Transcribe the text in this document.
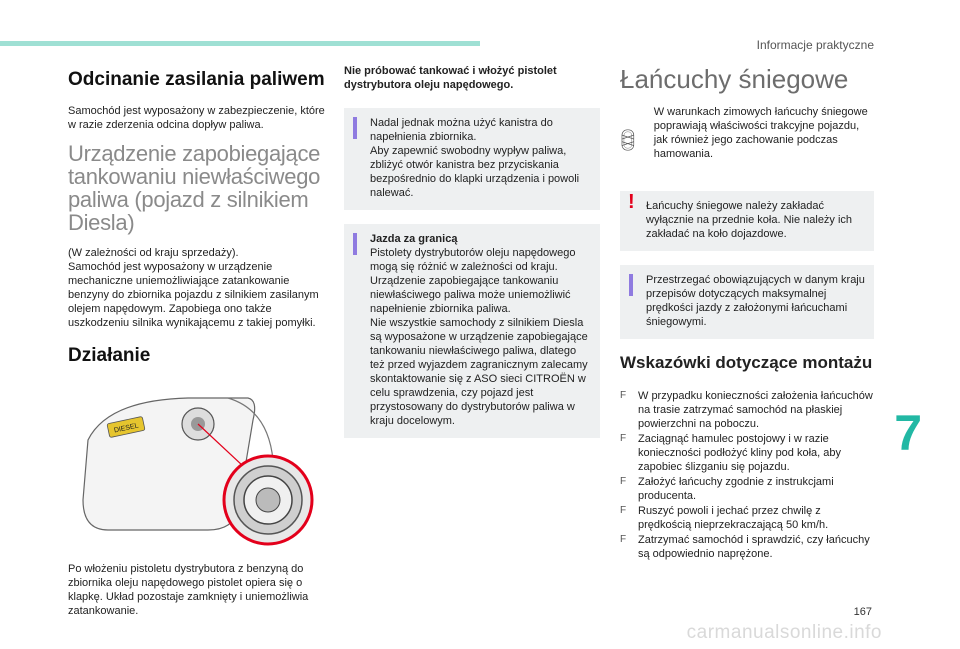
Informacje praktyczne
Odcinanie zasilania paliwem

Samochód jest wyposażony w zabezpieczenie, które w razie zderzenia odcina dopływ paliwa.

Urządzenie zapobiegające tankowaniu niewłaściwego paliwa (pojazd z silnikiem Diesla)

(W zależności od kraju sprzedaży).
Samochód jest wyposażony w urządzenie mechaniczne uniemożliwiające zatankowanie benzyny do zbiornika pojazdu z silnikiem zasilanym olejem napędowym. Zapobiega ono także uszkodzeniu silnika wynikającemu z takiej pomyłki.

Działanie
DIESEL

Po włożeniu pistoletu dystrybutora z benzyną do zbiornika oleju napędowego pistolet opiera się o klapkę. Układ pozostaje zamknięty i uniemożliwia zatankowanie.

Nie próbować tankować i włożyć pistolet dystrybutora oleju napędowego.

Nadal jednak można użyć kanistra do napełnienia zbiornika.
Aby zapewnić swobodny wypływ paliwa, zbliżyć otwór kanistra bez przyciskania bezpośrednio do klapki urządzenia i powoli nalewać.
Jazda za granicą
Pistolety dystrybutorów oleju napędowego mogą się różnić w zależności od kraju. Urządzenie zapobiegające tankowaniu niewłaściwego paliwa może uniemożliwić napełnienie zbiornika paliwa.
Nie wszystkie samochody z silnikiem Diesla są wyposażone w urządzenie zapobiegające tankowaniu niewłaściwego paliwa, dlatego też przed wyjazdem zagranicznym zalecamy skontaktowanie się z ASO sieci CITROËN w celu sprawdzenia, czy pojazd jest przystosowany do dystrybutorów paliwa w kraju docelowym.
Łańcuchy śniegowe

W warunkach zimowych łańcuchy śniegowe poprawiają właściwości trakcyjne pojazdu, jak również jego zachowanie podczas hamowania.

! Łańcuchy śniegowe należy zakładać wyłącznie na przednie koła. Nie należy ich zakładać na koło dojazdowe.
Przestrzegać obowiązujących w danym kraju przepisów dotyczących maksymalnej prędkości jazdy z założonymi łańcuchami śniegowymi.
Wskazówki dotyczące montażu
F W przypadku konieczności założenia łańcuchów na trasie zatrzymać samochód na płaskiej powierzchni na poboczu.
F Zaciągnąć hamulec postojowy i w razie konieczności podłożyć kliny pod koła, aby zapobiec ślizganiu się pojazdu.
F Założyć łańcuchy zgodnie z instrukcjami producenta.
F Ruszyć powoli i jechać przez chwilę z prędkością nieprzekraczającą 50 km/h.
F Zatrzymać samochód i sprawdzić, czy łańcuchy są odpowiednio naprężone.
7
167
carmanualsonline.info
